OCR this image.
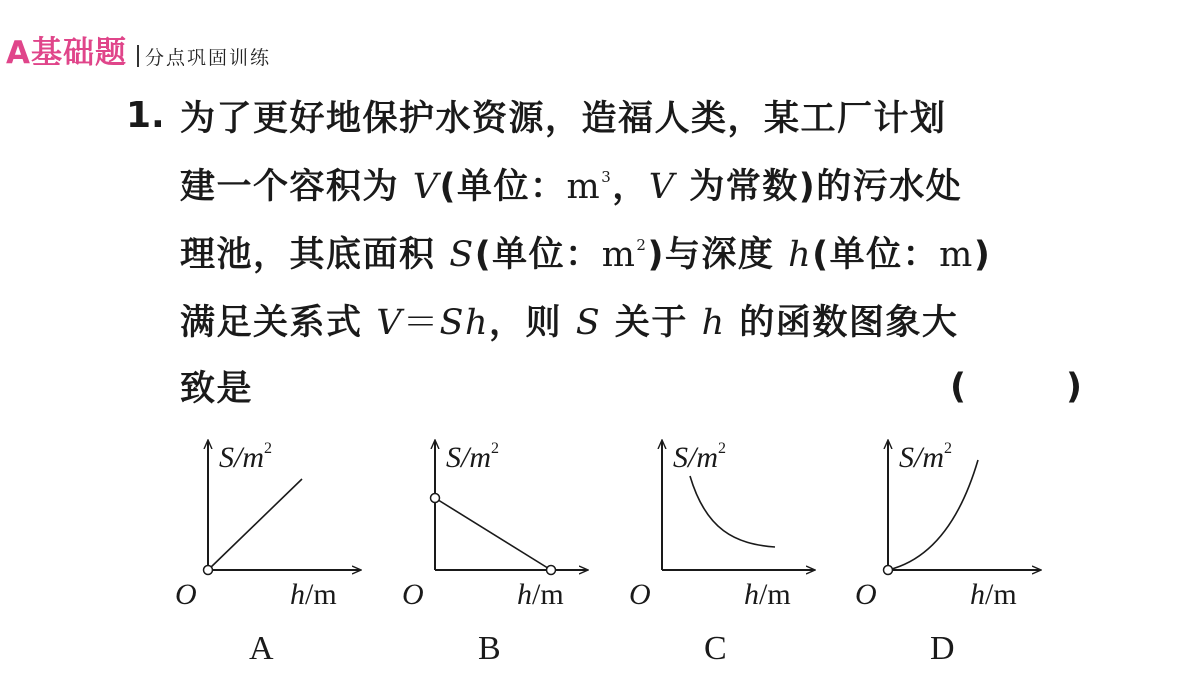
A基础题 分点巩固训练
1. 为了更好地保护水资源，造福人类，某工厂计划
建一个容积为 V(单位：$m^3$，V 为常数)的污水处
理池，其底面积 S(单位：$m^2$)与深度 h(单位：m)
满足关系式 V＝Sh，则 S 关于 h 的函数图象大
致是	(	)
$S/m^2$
O	h/m
A
$S/m^2$
O	h/m
B
$S/m^2$
O	h/m
C
$S/m^2$
O	h/m
D
